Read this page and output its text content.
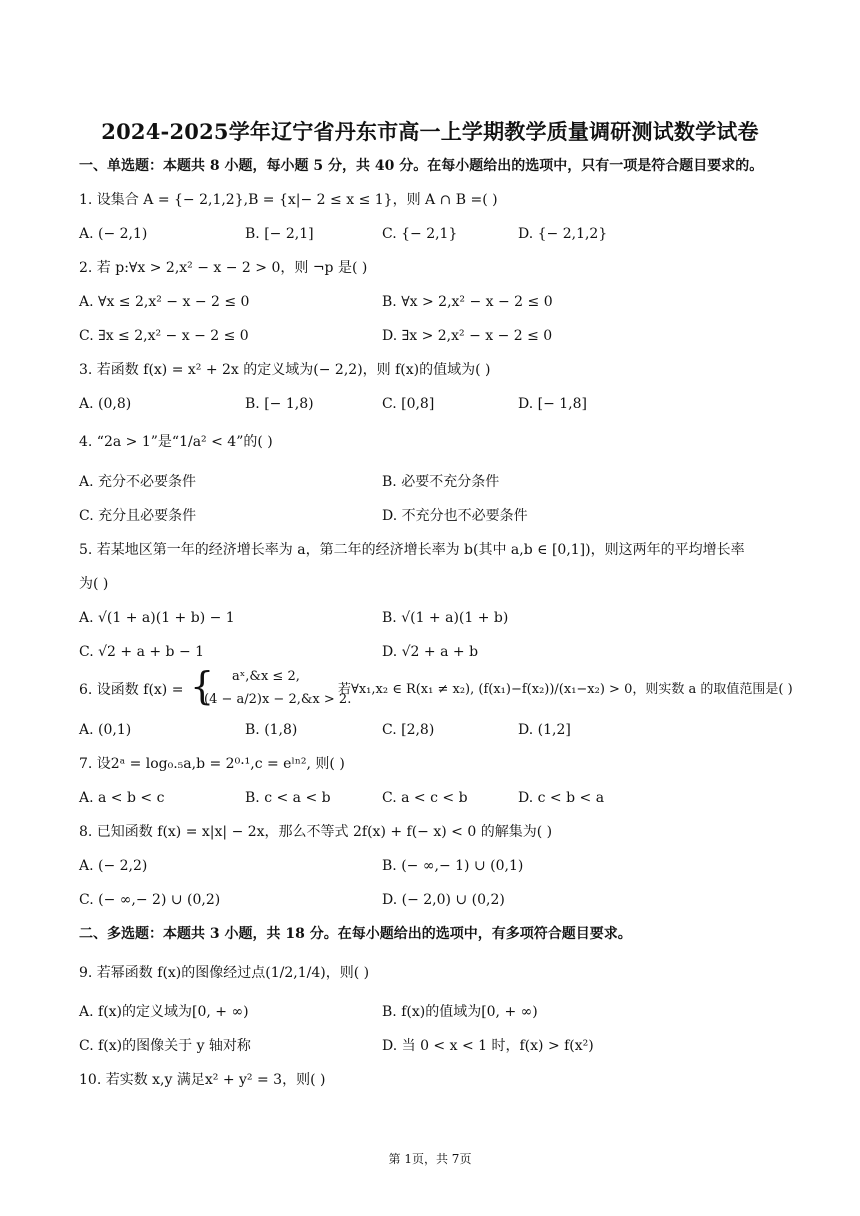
2024-2025学年辽宁省丹东市高一上学期教学质量调研测试数学试卷
一、单选题：本题共 8 小题，每小题 5 分，共 40 分。在每小题给出的选项中，只有一项是符合题目要求的。
1. 设集合 A = {− 2,1,2},B = {x|− 2 ≤ x ≤ 1}，则 A ∩ B =( )
A. (− 2,1)	B. [− 2,1]	C. {− 2,1}	D. {− 2,1,2}
2. 若 p:∀x > 2,x² − x − 2 > 0，则 ¬p 是( )
A. ∀x ≤ 2,x² − x − 2 ≤ 0	B. ∀x > 2,x² − x − 2 ≤ 0
C. ∃x ≤ 2,x² − x − 2 ≤ 0	D. ∃x > 2,x² − x − 2 ≤ 0
3. 若函数 f(x) = x² + 2x 的定义域为(− 2,2)，则 f(x)的值域为( )
A. (0,8)	B. [− 1,8)	C. [0,8]	D. [− 1,8]
4. “2a > 1”是“1/a² < 4”的( )
A. 充分不必要条件	B. 必要不充分条件
C. 充分且必要条件	D. 不充分也不必要条件
5. 若某地区第一年的经济增长率为 a，第二年的经济增长率为 b(其中 a,b ∈ [0,1])，则这两年的平均增长率
为( )
A. √(1 + a)(1 + b) − 1	B. √(1 + a)(1 + b)
C. √2 + a + b − 1	D. √2 + a + b
6. 设函数 f(x) = { aˣ,&x ≤ 2,
(4 − a/2)x − 2,&x > 2.
若∀x₁,x₂ ∈ R(x₁ ≠ x₂), (f(x₁)−f(x₂))/(x₁−x₂) > 0，则实数 a 的取值范围是( )
A. (0,1)	B. (1,8)	C. [2,8)	D. (1,2]
7. 设2ᵃ = log₀.₅a,b = 2⁰·¹,c = eˡⁿ², 则( )
A. a < b < c	B. c < a < b	C. a < c < b	D. c < b < a
8. 已知函数 f(x) = x|x| − 2x，那么不等式 2f(x) + f(− x) < 0 的解集为( )
A. (− 2,2)	B. (− ∞,− 1) ∪ (0,1)
C. (− ∞,− 2) ∪ (0,2)	D. (− 2,0) ∪ (0,2)
二、多选题：本题共 3 小题，共 18 分。在每小题给出的选项中，有多项符合题目要求。
9. 若幂函数 f(x)的图像经过点(1/2,1/4)，则( )
A. f(x)的定义域为[0, + ∞)	B. f(x)的值域为[0, + ∞)
C. f(x)的图像关于 y 轴对称	D. 当 0 < x < 1 时，f(x) > f(x²)
10. 若实数 x,y 满足x² + y² = 3，则( )
第 1页，共 7页
